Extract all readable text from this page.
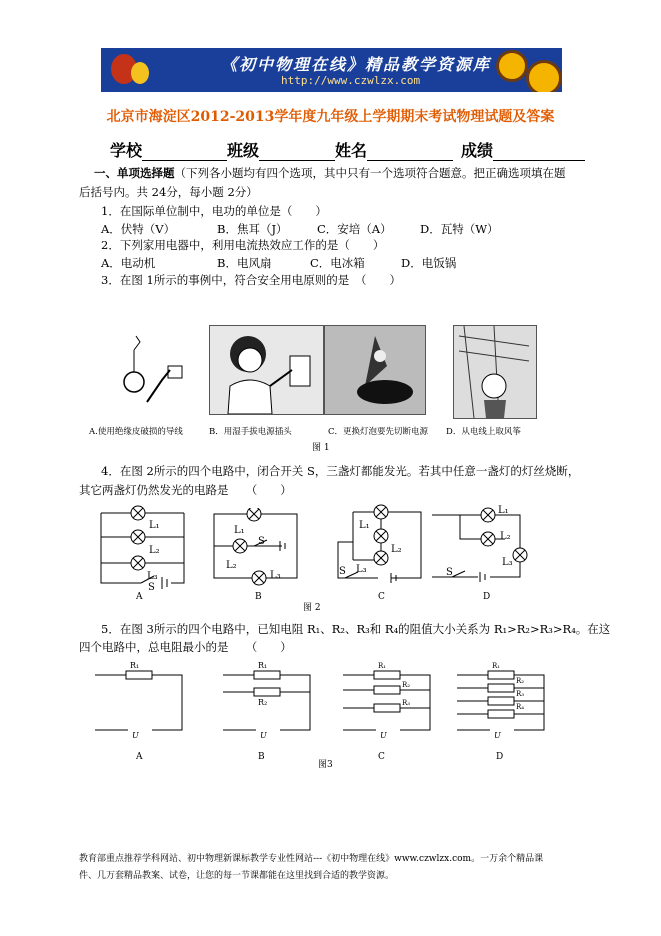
《初中物理在线》精品教学资源库
http://www.czwlzx.com
北京市海淀区2012-2013学年度九年级上学期期末考试物理试题及答案
学校	班级	姓名	成绩
一、单项选择题（下列各小题均有四个选项，其中只有一个选项符合题意。把正确选项填在题
后括号内。共 24分，每小题 2分）
1．在国际单位制中，电功的单位是（　　）
A．伏特（V）	B．焦耳（J）	C．安培（A） D．瓦特（W）
2．下列家用电器中，利用电流热效应工作的是（　　）
A．电动机	B．电风扇	C．电冰箱	D．电饭锅
3．在图 1所示的事例中，符合安全用电原则的是　（　　）
A.使用绝缘皮破损的导线	B．用湿手拔电源插头	C．更换灯泡要先切断电源 D．从电线上取风筝
图 1
4．在图 2所示的四个电路中，闭合开关 S，三盏灯都能发光。若其中任意一盏灯的灯丝烧断，
其它两盏灯仍然发光的电路是　　（　　）
L₁
L₂
L₃
S
L₁
S
L₂
L₃
L₁
L₂
L₃
S
L₁
L₂
L₃
S
A	B	C	D
图 2
5．在图 3所示的四个电路中，已知电阻 R₁、R₂、R₃和 R₄的阻值大小关系为 R₁>R₂>R₃>R₄。在这
四个电路中，总电阻最小的是　　（　　）
R₁
U
R₁
R₂
U
R₁
R₂
R₃
U
R₁
R₂
R₃
R₄
U
A	B	C	D
图3
教育部重点推荐学科网站、初中物理新课标教学专业性网站---《初中物理在线》www.czwlzx.com。一万余个精品课
件、几万套精品教案、试卷，让您的每一节课都能在这里找到合适的教学资源。
